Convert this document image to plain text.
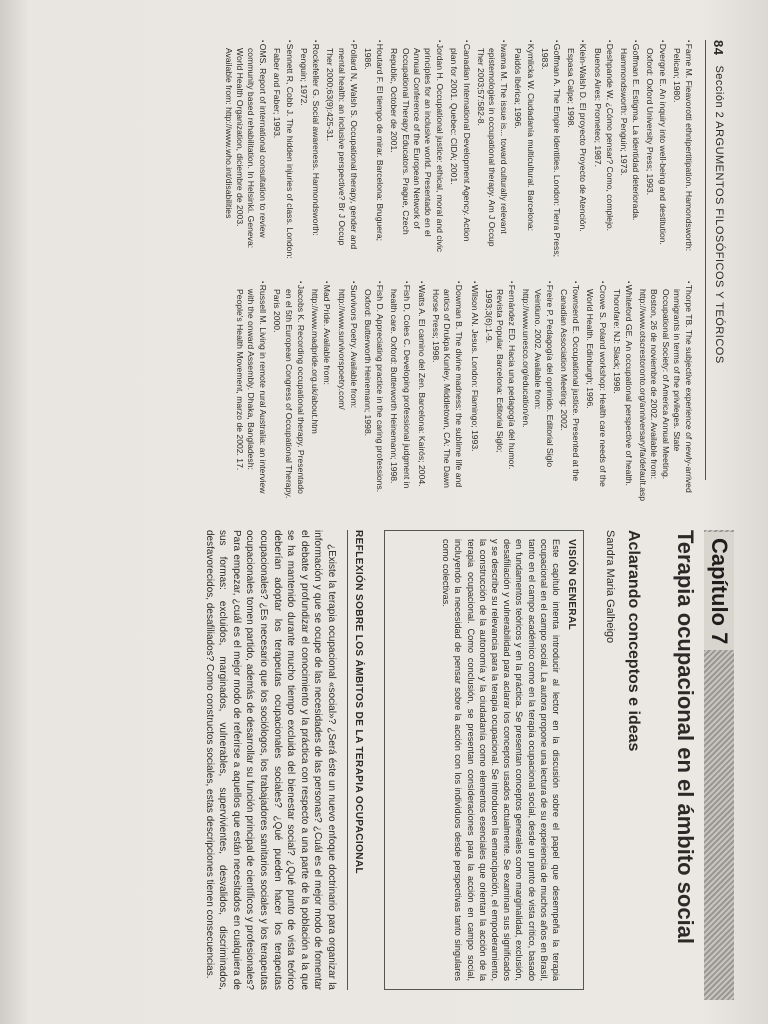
84
Sección 2 ARGUMENTOS FILOSÓFICOS Y TEÓRICOS

▪ Farne M. Fieavorotti ethnlpertitipation. Hamondsworth: Pelican; 1980.

▪ Dvergne E. An inquiry into well-being and destitution. Oxford: Oxford University Press; 1993.

▪ Goffman E. Estigma. La identidad deteriorada. Hammondsworth: Penguin; 1973.

▪ Deshpande W. ¿Cómo pensar? Como, complejo. Buenos Aires: Prometeo; 1987.

▪ Klein-Walsh D. El proyecto Proyecto de Atención. Espasa Calpe; 1998.

▪ Goffman A. The Empire Identities. London: Tierra Press; 1983.

▪ Kymlicka W. Ciudadanía multicultural. Barcelona: Paidós Ibérica; 1996.

▪ Iwama M. The issue is... toward culturally relevant epistemologies in occupational therapy. Am J Occup Ther 2003;57:582-8.

▪ Canadian International Development Agency. Action plan for 2001. Quebec: CIDA; 2001.

▪ Jordan H. Occupational justice: ethical, moral and civic principles for an inclusive world. Presentado en el Annual Conference of the European Network of Occupational Therapy Educators. Prague, Czech Republic, October de 2001.

▪ Houtard F. El tiempo de mirar. Barcelona: Bruguera; 1986.

▪ Pollard N, Walsh S. Occupational therapy, gender and mental health: an inclusive perspective? Br J Occup Ther 2000;63(9):425-31.

▪ Rockefeller G. Social awareness. Harmondsworth: Penguin; 1972.

▪ Sennett R, Cobb J. The hidden injuries of class. London: Faber and Faber; 1993.

▪ OMS. Report of international consultation to review community based rehabilitation. In Helsinki. Geneva: World Health Organization, diciembre de 2003. Available from: http://www.who.int/disabilities

▪ Thorpe TB. The subjective experience of newly-arrived immigrants in terms of the privileges. State Occupational Society: of America Annual Meeting. Boston, 26 de noviembre de 2002. Available from: http://www.otscrestoronto.org/anniversary/fa/default.asp

▪ Whiteford GE. An occupational perspective of health. Thorofare: NJ: Slack; 1998.

▪ Crowe S. Poland workshop: Health care needs of the World Health. Edinburgh; 1996.

▪ Townsend E. Occupational justice. Presented at the Canadian Association Meeting: 2002.

▪ Freire P. Pedagogía del oprimido. Editorial Siglo Veintiuno. 2002. Available from: http://www.unesco.org/education/en.

▪ Fernández ED. Hacia una pedagogía del humor. Revista Popular. Barcelona: Editorial Siglo; 1993;3(6):1-9.

▪ Wilson AN. Jesus. London: Flamingo; 1993.

▪ Dowman B. The divine madness: the sublime life and antics of Drukpa Kunley. Middletown, CA: The Dawn Horse Press; 1998.

▪ Watts A. El camino del Zen. Barcelona: Kairós; 2004.

▪ Fish D, Coles C. Developing professional judgment in health care. Oxford: Butterworth Heinemann; 1998.

▪ Fish D. Appreciating practice in the caring professions. Oxford: Butterworth Heinemann; 1998.

▪ Survivors Poetry. Available from: http://www.survivorspoetry.com/

▪ Mad Pride. Available from: http://www.madpride.org.uk/about.htm

▪ Jacobs K. Recording occupational therapy. Presentado en el 5th European Congress of Occupational Therapy. Paris 2000.

▪ Russell M. Living in remote rural Australia: an interview with the onward Assembly. Dhaka, Bangladesh: People's Health Movement, marzo de 2002. 17.

Capítulo 7
Terapia ocupacional en el ámbito social
Aclarando conceptos e ideas
Sandra Maria Galheigo
VISIÓN GENERAL

Este capítulo intenta introducir al lector en la discusión sobre el papel que desempeña la terapia ocupacional en el campo social. La autora propone una lectura de su experiencia de muchos años en Brasil, tanto en el campo académico como en la terapia ocupacional social, desde un punto de vista crítico, basado en fundamentos teóricos y en la práctica. Se presentan conceptos generales como marginalidad, exclusión, desafiliación y vulnerabilidad para aclarar los conceptos usados actualmente. Se examinan sus significados y se describe su relevancia para la terapia ocupacional. Se introducen la emancipación, el empoderamiento, la construcción de la autonomía y la ciudadanía como elementos esenciales que orientan la acción de la terapia ocupacional. Como conclusión, se presentan consideraciones para la acción en campo social, incluyendo la necesidad de pensar sobre la acción con los individuos desde perspectivas tanto singulares como colectivas.

REFLEXIÓN SOBRE LOS ÁMBITOS DE LA TERAPIA OCUPACIONAL

¿Existe la terapia ocupacional «social»? ¿Será éste un nuevo enfoque doctrinario para organizar la información y que se ocupe de las necesidades de las personas? ¿Cuál es el mejor modo de fomentar el debate y profundizar el conocimiento y la práctica con respecto a una parte de la población a la que se ha mantenido durante mucho tiempo excluida del bienestar social? ¿Qué punto de vista teórico deberían adoptar los terapeutas ocupacionales sociales? ¿Qué pueden hacer los terapeutas ocupacionales? ¿Es necesario que los sociólogos, los trabajadores sanitarios sociales y los terapeutas ocupacionales tomen partido, además de desarrollar su función principal de científicos y profesionales? Para empezar, ¿cuál es el mejor modo de referirse a aquellos que están necesitados en cualquiera de sus formas: excluidos, marginados, vulnerables, supervivientes, desvalidos, discriminados, desfavorecidos, desafiliados? Como constructos sociales, estas descripciones tienen consecuencias.
